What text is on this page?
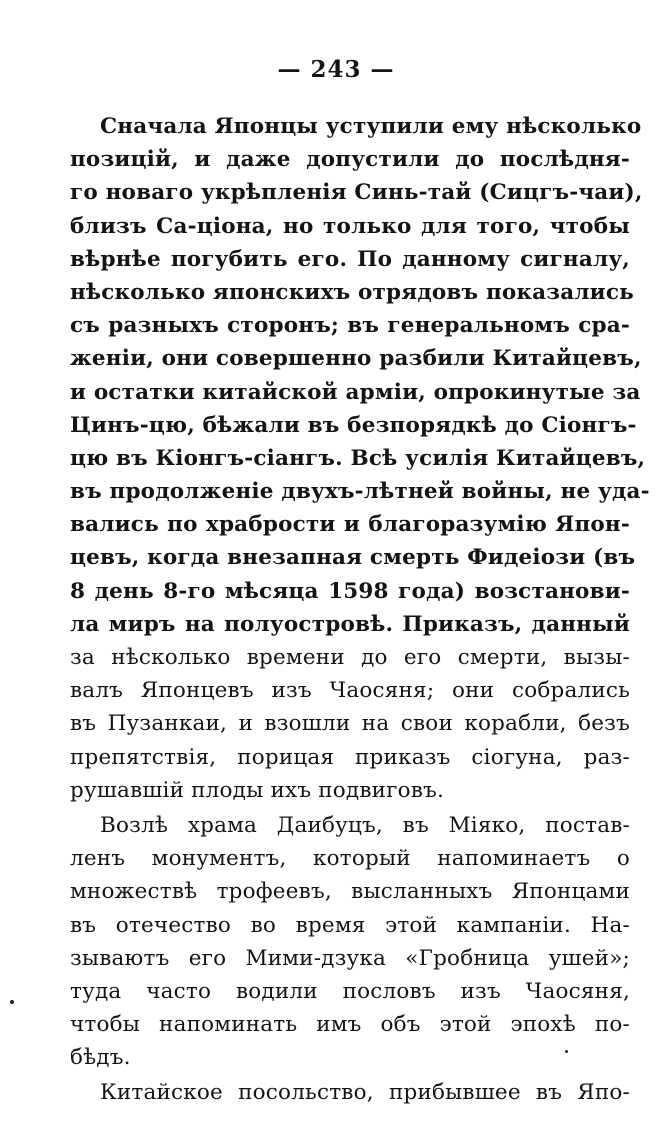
— 243 —
Сначала Японцы уступили ему нѣсколько
позицій, и даже допустили до послѣдня-
го новаго укрѣпленія Синь-тай (Сицгъ-чаи),
близъ Са-ціона, но только для того, чтобы
вѣрнѣе погубить его. По данному сигналу,
нѣсколько японскихъ отрядовъ показались
съ разныхъ сторонъ; въ генеральномъ сра-
женіи, они совершенно разбили Китайцевъ,
и остатки китайской арміи, опрокинутые за
Цинъ-цю, бѣжали въ безпорядкѣ до Сіонгъ-
цю въ Кіонгъ-сіангъ. Всѣ усилія Китайцевъ,
въ продолженіе двухъ-лѣтней войны, не уда-
вались по храбрости и благоразумію Япон-
цевъ, когда внезапная смерть Фидеіози (въ
8 день 8-го мѣсяца 1598 года) возстанови-
ла миръ на полуостровѣ. Приказъ, данный
за нѣсколько времени до его смерти, вызы-
валъ Японцевъ изъ Чаосяня; они собрались
въ Пузанкаи, и взошли на свои корабли, безъ
препятствія, порицая приказъ сіогуна, раз-
рушавшій плоды ихъ подвиговъ.
Возлѣ храма Даибуцъ, въ Міяко, постав-
ленъ монументъ, который напоминаетъ о
множествѣ трофеевъ, высланныхъ Японцами
въ отечество во время этой кампаніи. На-
зываютъ его Мими-дзука «Гробница ушей»;
туда часто водили пословъ изъ Чаосяня,
чтобы напоминать имъ объ этой эпохѣ по-
бѣдъ.
Китайское посольство, прибывшее въ Япо-
